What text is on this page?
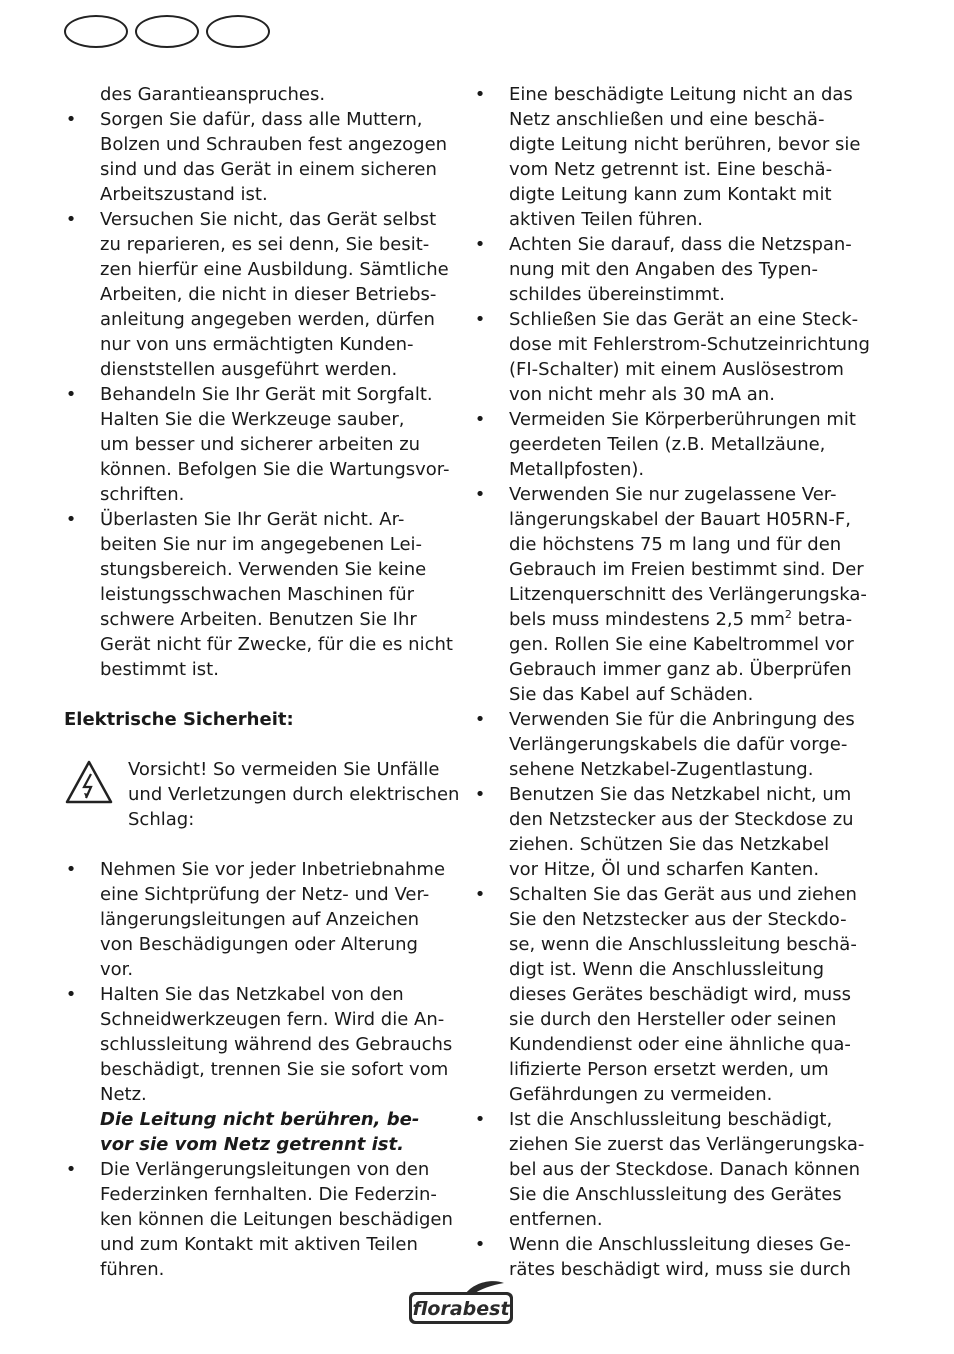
des Garantieanspruches.
• Sorgen Sie dafür, dass alle Muttern,
Bolzen und Schrauben fest angezogen
sind und das Gerät in einem sicheren
Arbeitszustand ist.
• Versuchen Sie nicht, das Gerät selbst
zu reparieren, es sei denn, Sie besit-
zen hierfür eine Ausbildung. Sämtliche
Arbeiten, die nicht in dieser Betriebs-
anleitung angegeben werden, dürfen
nur von uns ermächtigten Kunden-
dienststellen ausgeführt werden.
• Behandeln Sie Ihr Gerät mit Sorgfalt.
Halten Sie die Werkzeuge sauber,
um besser und sicherer arbeiten zu
können. Befolgen Sie die Wartungsvor-
schriften.
• Überlasten Sie Ihr Gerät nicht. Ar-
beiten Sie nur im angegebenen Lei-
stungsbereich. Verwenden Sie keine
leistungsschwachen Maschinen für
schwere Arbeiten. Benutzen Sie Ihr
Gerät nicht für Zwecke, für die es nicht
bestimmt ist.
Elektrische Sicherheit:
Vorsicht! So vermeiden Sie Unfälle
und Verletzungen durch elektrischen
Schlag:
• Nehmen Sie vor jeder Inbetriebnahme
eine Sichtprüfung der Netz- und Ver-
längerungsleitungen auf Anzeichen
von Beschädigungen oder Alterung
vor.
• Halten Sie das Netzkabel von den
Schneidwerkzeugen fern. Wird die An-
schlussleitung während des Gebrauchs
beschädigt, trennen Sie sie sofort vom
Netz.
Die Leitung nicht berühren, be-
vor sie vom Netz getrennt ist.
• Die Verlängerungsleitungen von den
Federzinken fernhalten. Die Federzin-
ken können die Leitungen beschädigen
und zum Kontakt mit aktiven Teilen
führen.
• Eine beschädigte Leitung nicht an das
Netz anschließen und eine beschä-
digte Leitung nicht berühren, bevor sie
vom Netz getrennt ist. Eine beschä-
digte Leitung kann zum Kontakt mit
aktiven Teilen führen.
• Achten Sie darauf, dass die Netzspan-
nung mit den Angaben des Typen-
schildes übereinstimmt.
• Schließen Sie das Gerät an eine Steck-
dose mit Fehlerstrom-Schutzeinrichtung
(FI-Schalter) mit einem Auslösestrom
von nicht mehr als 30 mA an.
• Vermeiden Sie Körperberührungen mit
geerdeten Teilen (z.B. Metallzäune,
Metallpfosten).
• Verwenden Sie nur zugelassene Ver-
längerungskabel der Bauart H05RN-F,
die höchstens 75 m lang und für den
Gebrauch im Freien bestimmt sind. Der
Litzenquerschnitt des Verlängerungska-
bels muss mindestens 2,5 $mm^2$ betra-
gen. Rollen Sie eine Kabeltrommel vor
Gebrauch immer ganz ab. Überprüfen
Sie das Kabel auf Schäden.
• Verwenden Sie für die Anbringung des
Verlängerungskabels die dafür vorge-
sehene Netzkabel-Zugentlastung.
• Benutzen Sie das Netzkabel nicht, um
den Netzstecker aus der Steckdose zu
ziehen. Schützen Sie das Netzkabel
vor Hitze, Öl und scharfen Kanten.
• Schalten Sie das Gerät aus und ziehen
Sie den Netzstecker aus der Steckdo-
se, wenn die Anschlussleitung beschä-
digt ist. Wenn die Anschlussleitung
dieses Gerätes beschädigt wird, muss
sie durch den Hersteller oder seinen
Kundendienst oder eine ähnliche qua-
lifizierte Person ersetzt werden, um
Gefährdungen zu vermeiden.
• Ist die Anschlussleitung beschädigt,
ziehen Sie zuerst das Verlängerungska-
bel aus der Steckdose. Danach können
Sie die Anschlussleitung des Gerätes
entfernen.
• Wenn die Anschlussleitung dieses Ge-
rätes beschädigt wird, muss sie durch
florabest
